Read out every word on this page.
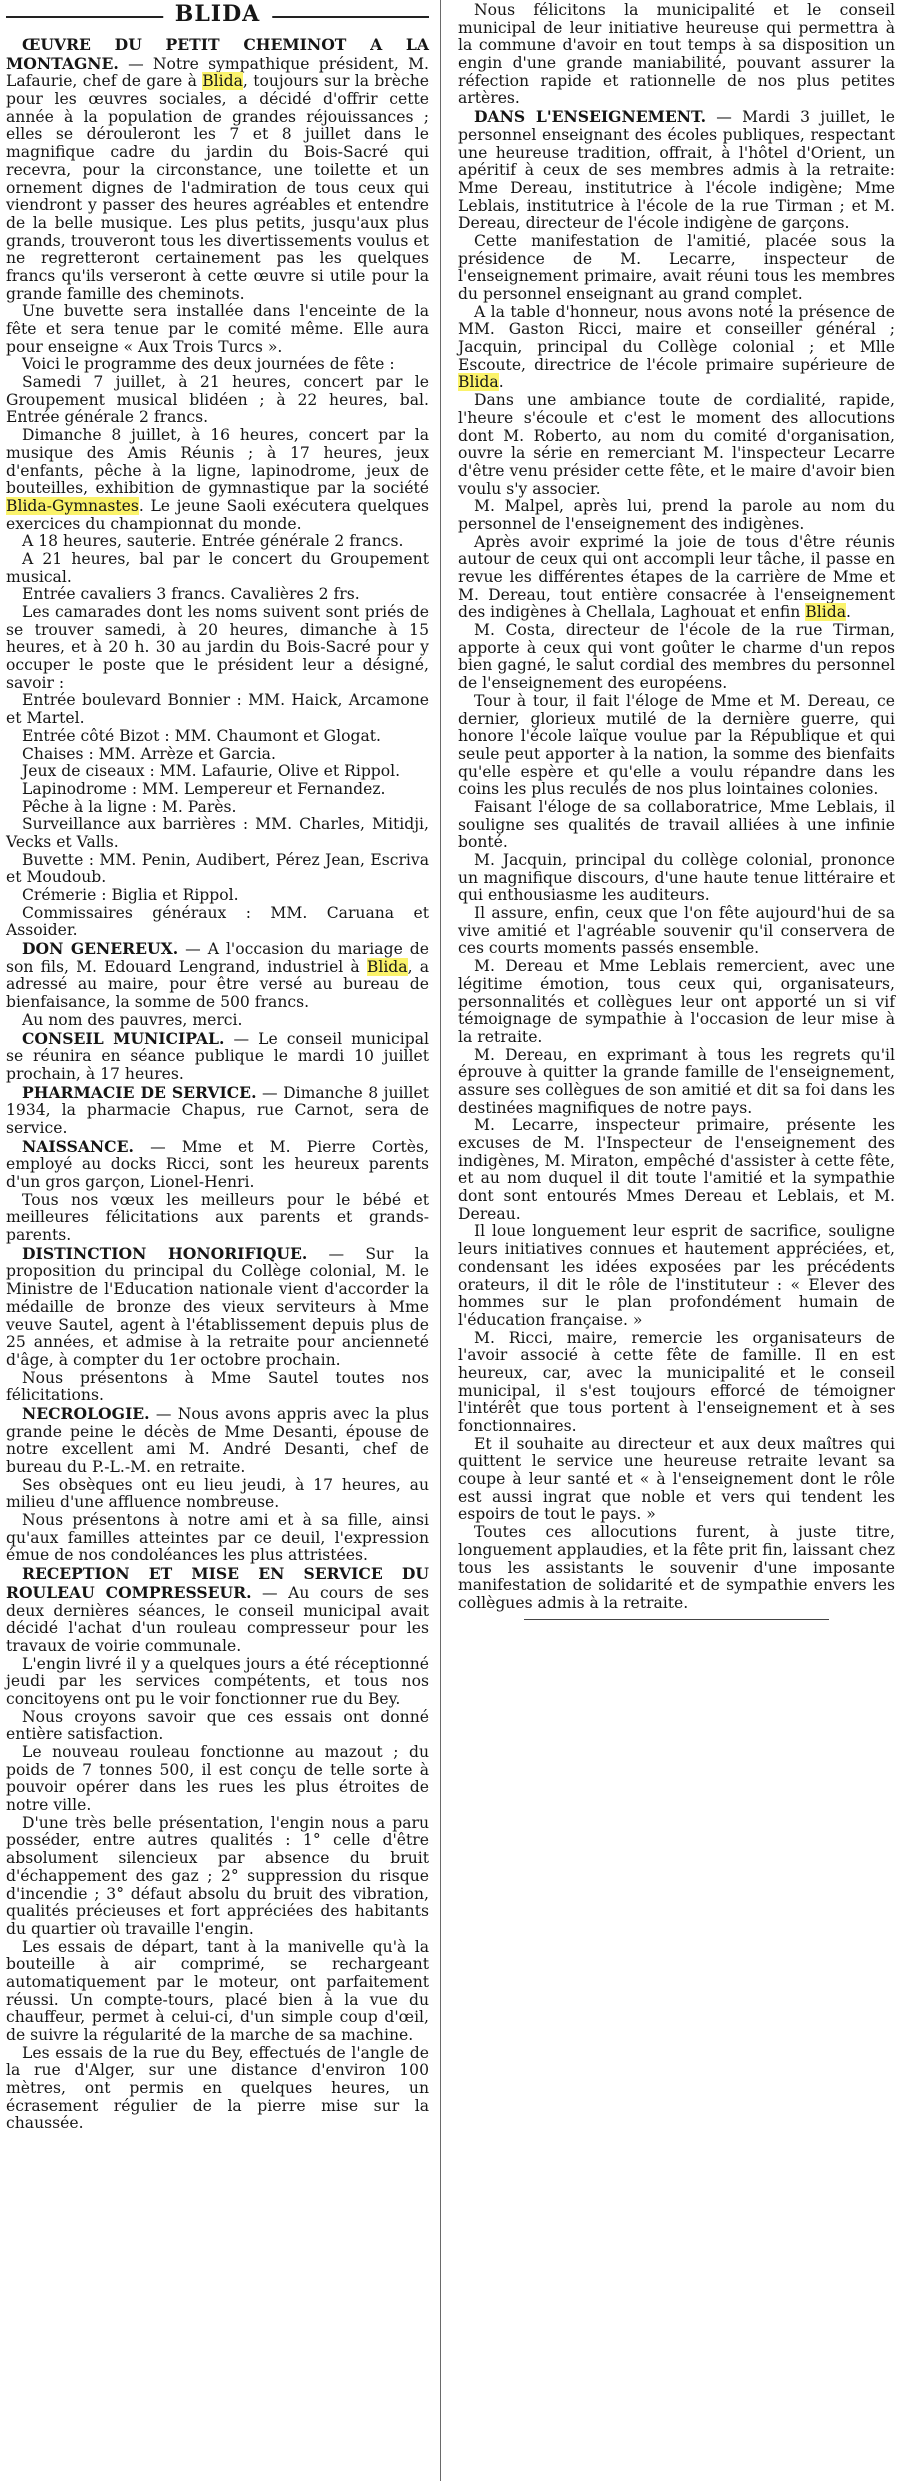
BLIDA

ŒUVRE DU PETIT CHEMINOT A LA MONTAGNE. — Notre sympathique président, M. Lafaurie, chef de gare à Blida, toujours sur la brèche pour les œuvres sociales, a décidé d'offrir cette année à la population de grandes réjouissances ; elles se dérouleront les 7 et 8 juillet dans le magnifique cadre du jardin du Bois-Sacré qui recevra, pour la circonstance, une toilette et un ornement dignes de l'admiration de tous ceux qui viendront y passer des heures agréables et entendre de la belle musique. Les plus petits, jusqu'aux plus grands, trouveront tous les divertissements voulus et ne regretteront certainement pas les quelques francs qu'ils verseront à cette œuvre si utile pour la grande famille des cheminots.

Une buvette sera installée dans l'enceinte de la fête et sera tenue par le comité même. Elle aura pour enseigne « Aux Trois Turcs ».

Voici le programme des deux journées de fête :

Samedi 7 juillet, à 21 heures, concert par le Groupement musical blidéen ; à 22 heures, bal. Entrée générale 2 francs.

Dimanche 8 juillet, à 16 heures, concert par la musique des Amis Réunis ; à 17 heures, jeux d'enfants, pêche à la ligne, lapinodrome, jeux de bouteilles, exhibition de gymnastique par la société Blida-Gymnastes. Le jeune Saoli exécutera quelques exercices du championnat du monde.

A 18 heures, sauterie. Entrée générale 2 francs.

A 21 heures, bal par le concert du Groupement musical.

Entrée cavaliers 3 francs. Cavalières 2 frs.

Les camarades dont les noms suivent sont priés de se trouver samedi, à 20 heures, dimanche à 15 heures, et à 20 h. 30 au jardin du Bois-Sacré pour y occuper le poste que le président leur a désigné, savoir :

Entrée boulevard Bonnier : MM. Haick, Arcamone et Martel.

Entrée côté Bizot : MM. Chaumont et Glogat.

Chaises : MM. Arrèze et Garcia.

Jeux de ciseaux : MM. Lafaurie, Olive et Rippol.

Lapinodrome : MM. Lempereur et Fernandez.

Pêche à la ligne : M. Parès.

Surveillance aux barrières : MM. Charles, Mitidji, Vecks et Valls.

Buvette : MM. Penin, Audibert, Pérez Jean, Escriva et Moudoub.

Crémerie : Biglia et Rippol.

Commissaires généraux : MM. Caruana et Assoider.

DON GENEREUX. — A l'occasion du mariage de son fils, M. Edouard Lengrand, industriel à Blida, a adressé au maire, pour être versé au bureau de bienfaisance, la somme de 500 francs.

Au nom des pauvres, merci.

CONSEIL MUNICIPAL. — Le conseil municipal se réunira en séance publique le mardi 10 juillet prochain, à 17 heures.

PHARMACIE DE SERVICE. — Dimanche 8 juillet 1934, la pharmacie Chapus, rue Carnot, sera de service.

NAISSANCE. — Mme et M. Pierre Cortès, employé au docks Ricci, sont les heureux parents d'un gros garçon, Lionel-Henri.

Tous nos vœux les meilleurs pour le bébé et meilleures félicitations aux parents et grands-parents.

DISTINCTION HONORIFIQUE. — Sur la proposition du principal du Collège colonial, M. le Ministre de l'Education nationale vient d'accorder la médaille de bronze des vieux serviteurs à Mme veuve Sautel, agent à l'établissement depuis plus de 25 années, et admise à la retraite pour ancienneté d'âge, à compter du 1er octobre prochain.

Nous présentons à Mme Sautel toutes nos félicitations.

NECROLOGIE. — Nous avons appris avec la plus grande peine le décès de Mme Desanti, épouse de notre excellent ami M. André Desanti, chef de bureau du P.-L.-M. en retraite.

Ses obsèques ont eu lieu jeudi, à 17 heures, au milieu d'une affluence nombreuse.

Nous présentons à notre ami et à sa fille, ainsi qu'aux familles atteintes par ce deuil, l'expression émue de nos condoléances les plus attristées.

RECEPTION ET MISE EN SERVICE DU ROULEAU COMPRESSEUR. — Au cours de ses deux dernières séances, le conseil municipal avait décidé l'achat d'un rouleau compresseur pour les travaux de voirie communale.

L'engin livré il y a quelques jours a été réceptionné jeudi par les services compétents, et tous nos concitoyens ont pu le voir fonctionner rue du Bey.

Nous croyons savoir que ces essais ont donné entière satisfaction.

Le nouveau rouleau fonctionne au mazout ; du poids de 7 tonnes 500, il est conçu de telle sorte à pouvoir opérer dans les rues les plus étroites de notre ville.

D'une très belle présentation, l'engin nous a paru posséder, entre autres qualités : 1° celle d'être absolument silencieux par absence du bruit d'échappement des gaz ; 2° suppression du risque d'incendie ; 3° défaut absolu du bruit des vibration, qualités précieuses et fort appréciées des habitants du quartier où travaille l'engin.

Les essais de départ, tant à la manivelle qu'à la bouteille à air comprimé, se rechargeant automatiquement par le moteur, ont parfaitement réussi. Un compte-tours, placé bien à la vue du chauffeur, permet à celui-ci, d'un simple coup d'œil, de suivre la régularité de la marche de sa machine.

Les essais de la rue du Bey, effectués de l'angle de la rue d'Alger, sur une distance d'environ 100 mètres, ont permis en quelques heures, un écrasement régulier de la pierre mise sur la chaussée.

Nous félicitons la municipalité et le conseil municipal de leur initiative heureuse qui permettra à la commune d'avoir en tout temps à sa disposition un engin d'une grande maniabilité, pouvant assurer la réfection rapide et rationnelle de nos plus petites artères.

DANS L'ENSEIGNEMENT. — Mardi 3 juillet, le personnel enseignant des écoles publiques, respectant une heureuse tradition, offrait, à l'hôtel d'Orient, un apéritif à ceux de ses membres admis à la retraite: Mme Dereau, institutrice à l'école indigène; Mme Leblais, institutrice à l'école de la rue Tirman ; et M. Dereau, directeur de l'école indigène de garçons.

Cette manifestation de l'amitié, placée sous la présidence de M. Lecarre, inspecteur de l'enseignement primaire, avait réuni tous les membres du personnel enseignant au grand complet.

A la table d'honneur, nous avons noté la présence de MM. Gaston Ricci, maire et conseiller général ; Jacquin, principal du Collège colonial ; et Mlle Escoute, directrice de l'école primaire supérieure de Blida.

Dans une ambiance toute de cordialité, rapide, l'heure s'écoule et c'est le moment des allocutions dont M. Roberto, au nom du comité d'organisation, ouvre la série en remerciant M. l'inspecteur Lecarre d'être venu présider cette fête, et le maire d'avoir bien voulu s'y associer.

M. Malpel, après lui, prend la parole au nom du personnel de l'enseignement des indigènes.

Après avoir exprimé la joie de tous d'être réunis autour de ceux qui ont accompli leur tâche, il passe en revue les différentes étapes de la carrière de Mme et M. Dereau, tout entière consacrée à l'enseignement des indigènes à Chellala, Laghouat et enfin Blida.

M. Costa, directeur de l'école de la rue Tirman, apporte à ceux qui vont goûter le charme d'un repos bien gagné, le salut cordial des membres du personnel de l'enseignement des européens.

Tour à tour, il fait l'éloge de Mme et M. Dereau, ce dernier, glorieux mutilé de la dernière guerre, qui honore l'école laïque voulue par la République et qui seule peut apporter à la nation, la somme des bienfaits qu'elle espère et qu'elle a voulu répandre dans les coins les plus reculés de nos plus lointaines colonies.

Faisant l'éloge de sa collaboratrice, Mme Leblais, il souligne ses qualités de travail alliées à une infinie bonté.

M. Jacquin, principal du collège colonial, prononce un magnifique discours, d'une haute tenue littéraire et qui enthousiasme les auditeurs.

Il assure, enfin, ceux que l'on fête aujourd'hui de sa vive amitié et l'agréable souvenir qu'il conservera de ces courts moments passés ensemble.

M. Dereau et Mme Leblais remercient, avec une légitime émotion, tous ceux qui, organisateurs, personnalités et collègues leur ont apporté un si vif témoignage de sympathie à l'occasion de leur mise à la retraite.

M. Dereau, en exprimant à tous les regrets qu'il éprouve à quitter la grande famille de l'enseignement, assure ses collègues de son amitié et dit sa foi dans les destinées magnifiques de notre pays.

M. Lecarre, inspecteur primaire, présente les excuses de M. l'Inspecteur de l'enseignement des indigènes, M. Miraton, empêché d'assister à cette fête, et au nom duquel il dit toute l'amitié et la sympathie dont sont entourés Mmes Dereau et Leblais, et M. Dereau.

Il loue longuement leur esprit de sacrifice, souligne leurs initiatives connues et hautement appréciées, et, condensant les idées exposées par les précédents orateurs, il dit le rôle de l'instituteur : « Elever des hommes sur le plan profondément humain de l'éducation française. »

M. Ricci, maire, remercie les organisateurs de l'avoir associé à cette fête de famille. Il en est heureux, car, avec la municipalité et le conseil municipal, il s'est toujours efforcé de témoigner l'intérêt que tous portent à l'enseignement et à ses fonctionnaires.

Et il souhaite au directeur et aux deux maîtres qui quittent le service une heureuse retraite levant sa coupe à leur santé et « à l'enseignement dont le rôle est aussi ingrat que noble et vers qui tendent les espoirs de tout le pays. »

Toutes ces allocutions furent, à juste titre, longuement applaudies, et la fête prit fin, laissant chez tous les assistants le souvenir d'une imposante manifestation de solidarité et de sympathie envers les collègues admis à la retraite.
